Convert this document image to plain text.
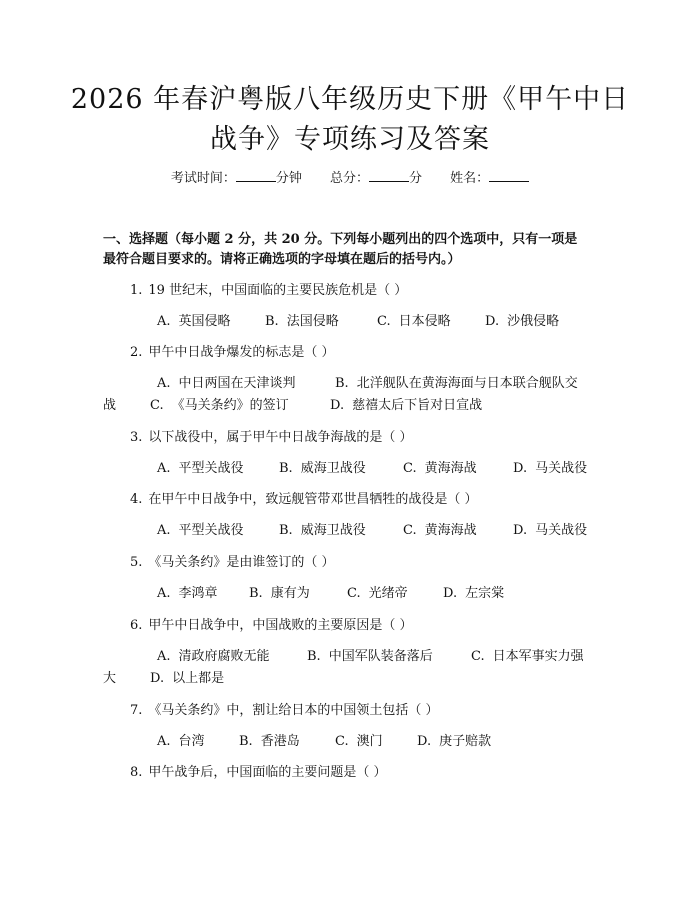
2026 年春沪粤版八年级历史下册《甲午中日
战争》专项练习及答案
考试时间：	分钟 总分：	分 姓名：

一、选择题（每小题 2 分，共 20 分。下列每小题列出的四个选项中，只有一项是

最符合题目要求的。请将正确选项的字母填在题后的括号内。）

1. 19 世纪末，中国面临的主要民族危机是（ ）
A. 英国侵略	B. 法国侵略	C. 日本侵略	D. 沙俄侵略
2. 甲午中日战争爆发的标志是（ ）
A. 中日两国在天津谈判	B. 北洋舰队在黄海海面与日本联合舰队交
战	C. 《马关条约》的签订	D. 慈禧太后下旨对日宣战
3. 以下战役中，属于甲午中日战争海战的是（ ）
A. 平型关战役	B. 威海卫战役	C. 黄海海战	D. 马关战役
4. 在甲午中日战争中，致远舰管带邓世昌牺牲的战役是（ ）
A. 平型关战役	B. 威海卫战役	C. 黄海海战	D. 马关战役
5. 《马关条约》是由谁签订的（ ）
A. 李鸿章 B. 康有为	C. 光绪帝	D. 左宗棠
6. 甲午中日战争中，中国战败的主要原因是（ ）
A. 清政府腐败无能	B. 中国军队装备落后	C. 日本军事实力强
大	D. 以上都是
7. 《马关条约》中，割让给日本的中国领土包括（ ）
A. 台湾	B. 香港岛	C. 澳门	D. 庚子赔款
8. 甲午战争后，中国面临的主要问题是（ ）
